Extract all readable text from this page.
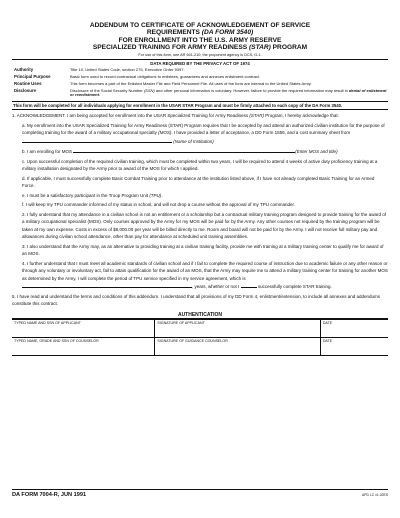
ADDENDUM TO CERTIFICATE OF ACKNOWLEDGEMENT OF SERVICE
REQUIREMENTS (DA FORM 3540)
FOR ENROLLMENT INTO THE U.S. ARMY RESERVE
SPECIALIZED TRAINING FOR ARMY READINESS (STAR) PROGRAM
For use of this form, see AR 601-210; the proponent agency is DCS, G-1.
DATA REQUIRED BY THE PRIVACY ACT OF 1974
Authority	Title 10, United States Code, section 275, Executive Order 9397.
Principal Purpose	Basic form used to record contractual obligations to enlistees, guarantees and annexes enlistment contract.
Routine Uses	This form becomes a part of the Enlisted Master File and Field Personnel File. All uses of the form are internal to the United States Army.
Disclosure	Disclosure of the Social Security Number (SSN) and other personal information is voluntary. However, failure to provide the required information may result in denial of enlistment or reenlistment.
This form will be completed for all individuals applying for enrollment in the USAR STAR Program and must be firmly attached to each copy of the DA Form 3540.
1. ACKNOWLEDGEMENT. I am being accepted for enrollment into the USAR Specialized Training for Army Readiness (STAR) Program, I hereby acknowledge that:
a. My enrollment into the USAR Specialized Training for Army Readiness (STAR) Program requires that I be accepted by and attend an authorized civilian institution for the purpose of completing training for the award of a military occupational specialty (MOS). I have provided a letter of acceptance, a DD Form 1556, and a cost summary sheet from  (Name of Institution)
b. I am enrolling for MOS	(Enter MOS and title)
c. Upon successful completion of the required civilian training, which must be completed within two years, I will be required to attend 4 weeks of active duty proficiency training at a military installation designated by the Army prior to award of the MOS for which I applied.
d. If applicable, I must successfully complete Basic Combat Training prior to attendance at the institution listed above, if I have not already completed Basic Training for an Armed Force.
e. I must be a satisfactory participant in the Troop Program Unit (TPU).
f. I will keep my TPU commander informed of my status in school, and will not drop a course without the approval of my TPU commander.
2. I fully understand that my attendance in a civilian school is not an entitlement or a scholarship but a contractual military training program designed to provide training for the award of a military occupational specialist (MOS). Only courses approved by the Army for my MOS will be paid for by the Army. Any other courses not required by the training program will be taken at my own expense. Costs in excess of $6,000.00 per year will be billed directly to me. Room and board will not be paid for by the Army. I will not receive full military pay and allowances during civilian school attendance, other than pay for attendance at scheduled unit training assemblies.
3. I also understand that the Army may, as an alternative to providing training at a civilian training facility, provide me with training at a military training center to qualify me for award of an MOS.
4. I further understand that I must meet all academic standards of civilian school and if I fail to complete the required course of instruction due to academic failure or any other reason or through any voluntary or involuntary act, fail to attain qualification for the award of an MOS, that the Army may require me to attend a military training center for training for another MOS as determined by the Army. I will complete the period of TPU service specified in my service agreement, which is , years, whether or not I	successfully complete STAR training.
5. I have read and understand the terms and conditions of this addendum. I understand that all provisions of my DD Form 4, enlistment/extension, to include all annexes and addendums constitute this contract.
AUTHENTICATION
TYPED NAME AND SSN OF APPLICANT	SIGNATURE OF APPLICANT	DATE
TYPED NAME, GRADE AND SSN OF COUNSELOR	SIGNATURE OF GUIDANCE COUNSELOR	DATE
DA FORM 7004-R, JUN 1991	APD LC v1.02ES
